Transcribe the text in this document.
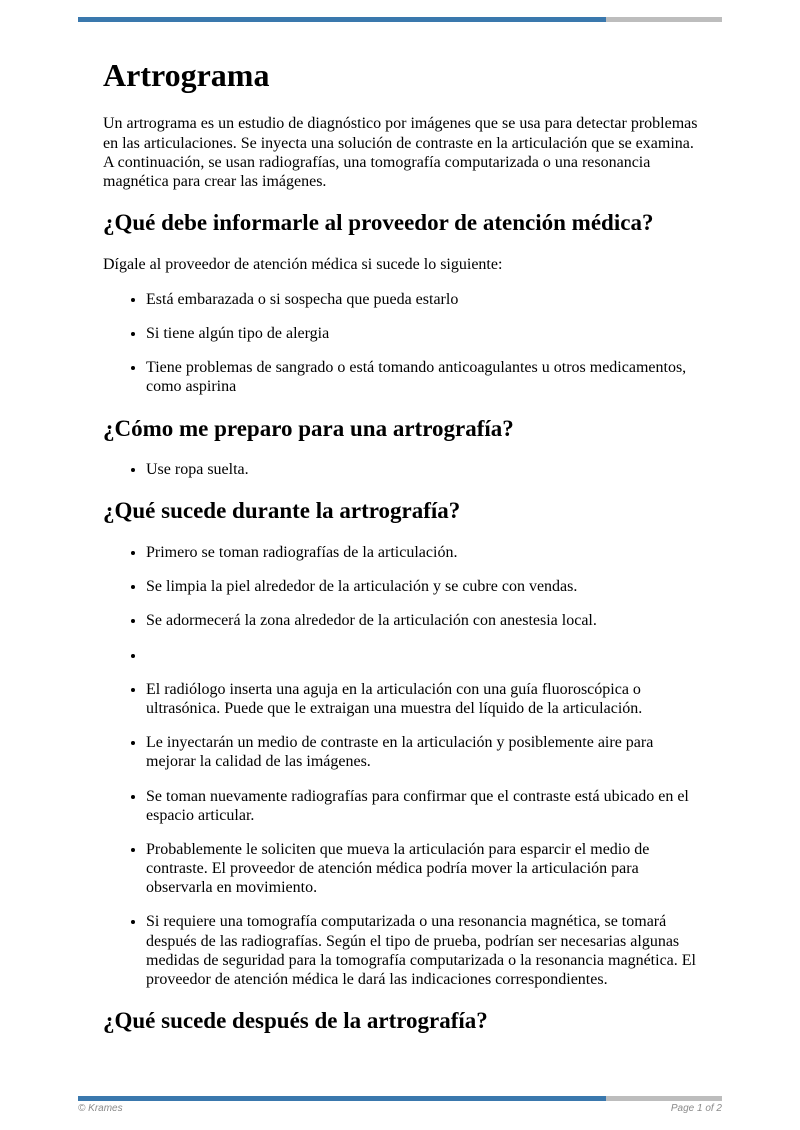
Artrograma

Un artrograma es un estudio de diagnóstico por imágenes que se usa para detectar problemas en las articulaciones. Se inyecta una solución de contraste en la articulación que se examina. A continuación, se usan radiografías, una tomografía computarizada o una resonancia magnética para crear las imágenes.

¿Qué debe informarle al proveedor de atención médica?

Dígale al proveedor de atención médica si sucede lo siguiente:

• Está embarazada o si sospecha que pueda estarlo
• Si tiene algún tipo de alergia
• Tiene problemas de sangrado o está tomando anticoagulantes u otros medicamentos, como aspirina
¿Cómo me preparo para una artrografía?
• Use ropa suelta.
¿Qué sucede durante la artrografía?
• Primero se toman radiografías de la articulación.
• Se limpia la piel alrededor de la articulación y se cubre con vendas.
• Se adormecerá la zona alrededor de la articulación con anestesia local.
•
• El radiólogo inserta una aguja en la articulación con una guía fluoroscópica o ultrasónica. Puede que le extraigan una muestra del líquido de la articulación.
• Le inyectarán un medio de contraste en la articulación y posiblemente aire para mejorar la calidad de las imágenes.
• Se toman nuevamente radiografías para confirmar que el contraste está ubicado en el espacio articular.
• Probablemente le soliciten que mueva la articulación para esparcir el medio de contraste. El proveedor de atención médica podría mover la articulación para observarla en movimiento.
• Si requiere una tomografía computarizada o una resonancia magnética, se tomará después de las radiografías. Según el tipo de prueba, podrían ser necesarias algunas medidas de seguridad para la tomografía computarizada o la resonancia magnética. El proveedor de atención médica le dará las indicaciones correspondientes.
¿Qué sucede después de la artrografía?
© Krames	Page 1 of 2
